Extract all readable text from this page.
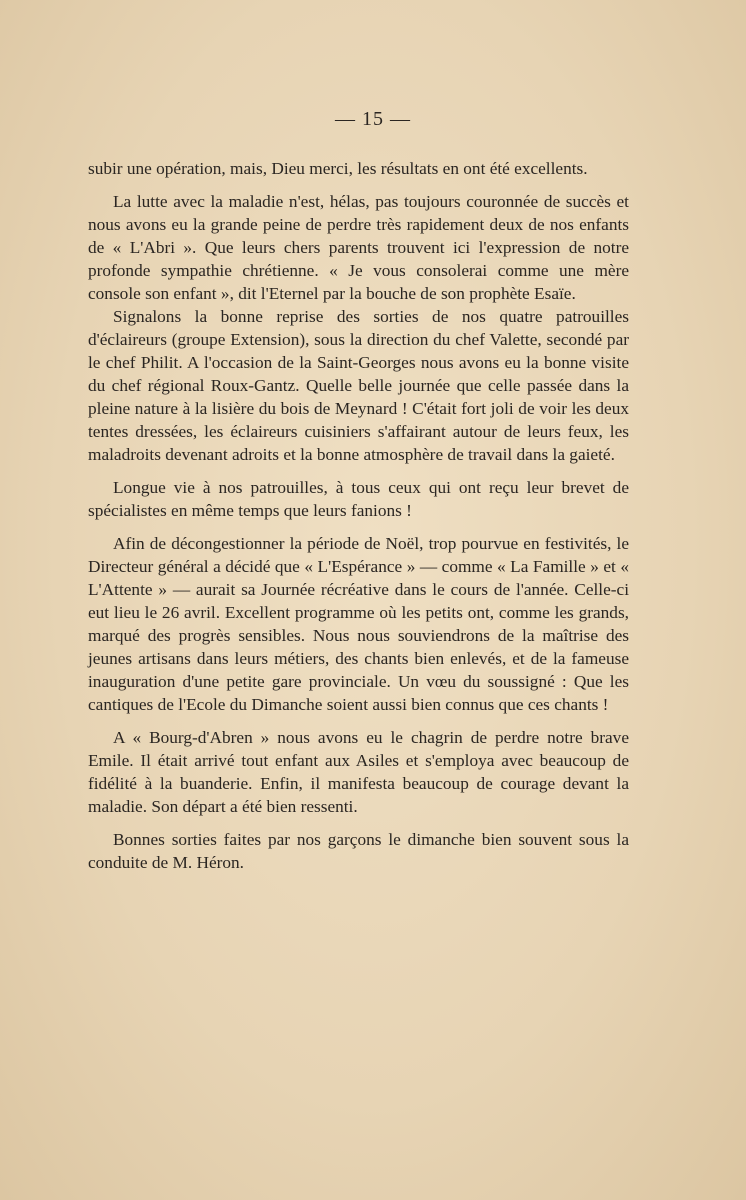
— 15 —

subir une opération, mais, Dieu merci, les résultats en ont été excellents.

La lutte avec la maladie n'est, hélas, pas toujours couronnée de succès et nous avons eu la grande peine de perdre très rapidement deux de nos enfants de « L'Abri ». Que leurs chers parents trouvent ici l'expression de notre profonde sympathie chrétienne. « Je vous consolerai comme une mère console son enfant », dit l'Eternel par la bouche de son prophète Esaïe.

Signalons la bonne reprise des sorties de nos quatre patrouilles d'éclaireurs (groupe Extension), sous la direction du chef Valette, secondé par le chef Philit. A l'occasion de la Saint-Georges nous avons eu la bonne visite du chef régional Roux-Gantz. Quelle belle journée que celle passée dans la pleine nature à la lisière du bois de Meynard ! C'était fort joli de voir les deux tentes dressées, les éclaireurs cuisiniers s'affairant autour de leurs feux, les maladroits devenant adroits et la bonne atmosphère de travail dans la gaieté.

Longue vie à nos patrouilles, à tous ceux qui ont reçu leur brevet de spécialistes en même temps que leurs fanions !

Afin de décongestionner la période de Noël, trop pourvue en festivités, le Directeur général a décidé que « L'Espérance » — comme « La Famille » et « L'Attente » — aurait sa Journée récréative dans le cours de l'année. Celle-ci eut lieu le 26 avril. Excellent programme où les petits ont, comme les grands, marqué des progrès sensibles. Nous nous souviendrons de la maîtrise des jeunes artisans dans leurs métiers, des chants bien enlevés, et de la fameuse inauguration d'une petite gare provinciale. Un vœu du soussigné : Que les cantiques de l'Ecole du Dimanche soient aussi bien connus que ces chants !

A « Bourg-d'Abren » nous avons eu le chagrin de perdre notre brave Emile. Il était arrivé tout enfant aux Asiles et s'employa avec beaucoup de fidélité à la buanderie. Enfin, il manifesta beaucoup de courage devant la maladie. Son départ a été bien ressenti.

Bonnes sorties faites par nos garçons le dimanche bien souvent sous la conduite de M. Héron.
